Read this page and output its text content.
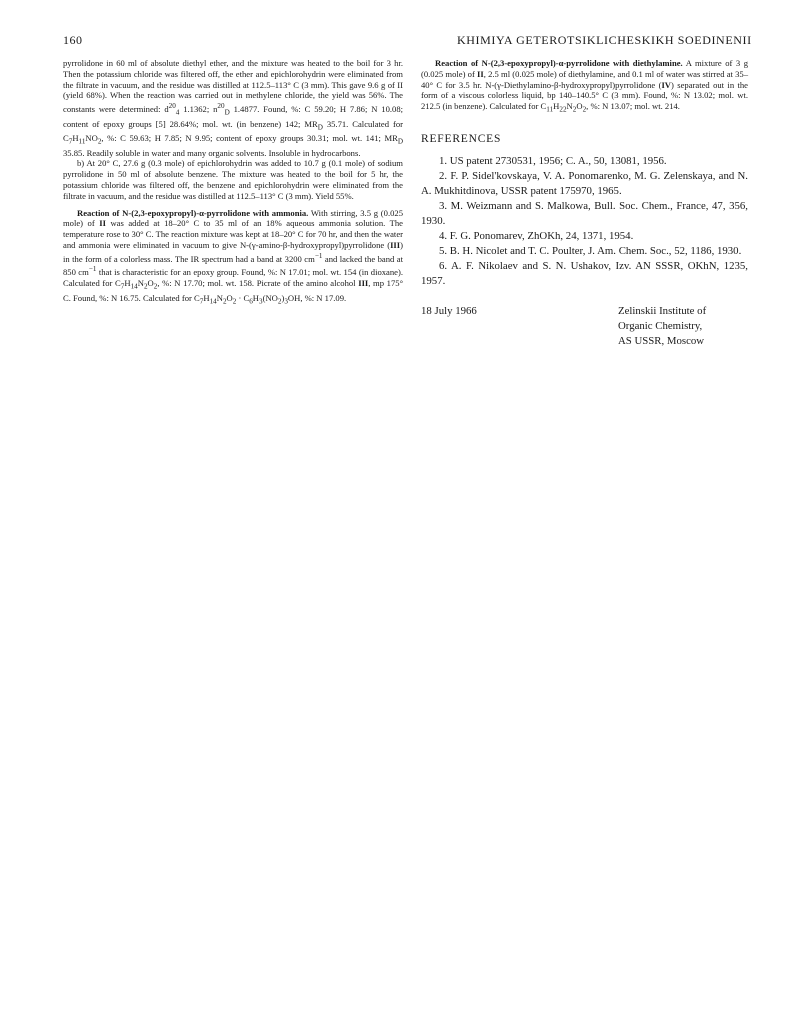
160	KHIMIYA GETEROTSIKLICHESKIKH SOEDINENII

pyrrolidone in 60 ml of absolute diethyl ether, and the mixture was heated to the boil for 3 hr. Then the potassium chloride was filtered off, the ether and epichlorohydrin were eliminated from the filtrate in vacuum, and the residue was distilled at 112.5–113° C (3 mm). This gave 9.6 g of II (yield 68%). When the reaction was carried out in methylene chloride, the yield was 56%. The constants were determined: $d^{20}_4$ 1.1362; $n^{20}_D$ 1.4877. Found, %: C 59.20; H 7.86; N 10.08; content of epoxy groups [5] 28.64%; mol. wt. (in benzene) 142; $MR_D$ 35.71. Calculated for $C_7H_{11}NO_2$, %: C 59.63; H 7.85; N 9.95; content of epoxy groups 30.31; mol. wt. 141; $MR_D$ 35.85. Readily soluble in water and many organic solvents. Insoluble in hydrocarbons.

b) At 20° C, 27.6 g (0.3 mole) of epichlorohydrin was added to 10.7 g (0.1 mole) of sodium pyrrolidone in 50 ml of absolute benzene. The mixture was heated to the boil for 5 hr, the potassium chloride was filtered off, the benzene and epichlorohydrin were eliminated from the filtrate in vacuum, and the residue was distilled at 112.5–113° C (3 mm). Yield 55%.

Reaction of N-(2,3-epoxypropyl)-α-pyrrolidone with ammonia. With stirring, 3.5 g (0.025 mole) of II was added at 18–20° C to 35 ml of an 18% aqueous ammonia solution. The temperature rose to 30° C. The reaction mixture was kept at 18–20° C for 70 hr, and then the water and ammonia were eliminated in vacuum to give N-(γ-amino-β-hydroxypropyl)pyrrolidone (III) in the form of a colorless mass. The IR spectrum had a band at 3200 $cm^{-1}$ and lacked the band at 850 $cm^{-1}$ that is characteristic for an epoxy group. Found, %: N 17.01; mol. wt. 154 (in dioxane). Calculated for $C_7H_{14}N_2O_2$, %: N 17.70; mol. wt. 158. Picrate of the amino alcohol III, mp 175° C. Found, %: N 16.75. Calculated for $C_7H_{14}N_2O_2 \cdot C_6H_3(NO_2)_3OH$, %: N 17.09.

Reaction of N-(2,3-epoxypropyl)-α-pyrrolidone with diethylamine. A mixture of 3 g (0.025 mole) of II, 2.5 ml (0.025 mole) of diethylamine, and 0.1 ml of water was stirred at 35–40° C for 3.5 hr. N-(γ-Diethylamino-β-hydroxypropyl)pyrrolidone (IV) separated out in the form of a viscous colorless liquid, bp 140–140.5° C (3 mm). Found, %: N 13.02; mol. wt. 212.5 (in benzene). Calculated for $C_{11}H_{22}N_2O_2$, %: N 13.07; mol. wt. 214.

REFERENCES

1. US patent 2730531, 1956; C. A., 50, 13081, 1956.
2. F. P. Sidel'kovskaya, V. A. Ponomarenko, M. G. Zelenskaya, and N. A. Mukhitdinova, USSR patent 175970, 1965.
3. M. Weizmann and S. Malkowa, Bull. Soc. Chem., France, 47, 356, 1930.
4. F. G. Ponomarev, ZhOKh, 24, 1371, 1954.
5. B. H. Nicolet and T. C. Poulter, J. Am. Chem. Soc., 52, 1186, 1930.
6. A. F. Nikolaev and S. N. Ushakov, Izv. AN SSSR, OKhN, 1235, 1957.
18 July 1966	Zelinskii Institute of
Organic Chemistry,
AS USSR, Moscow
